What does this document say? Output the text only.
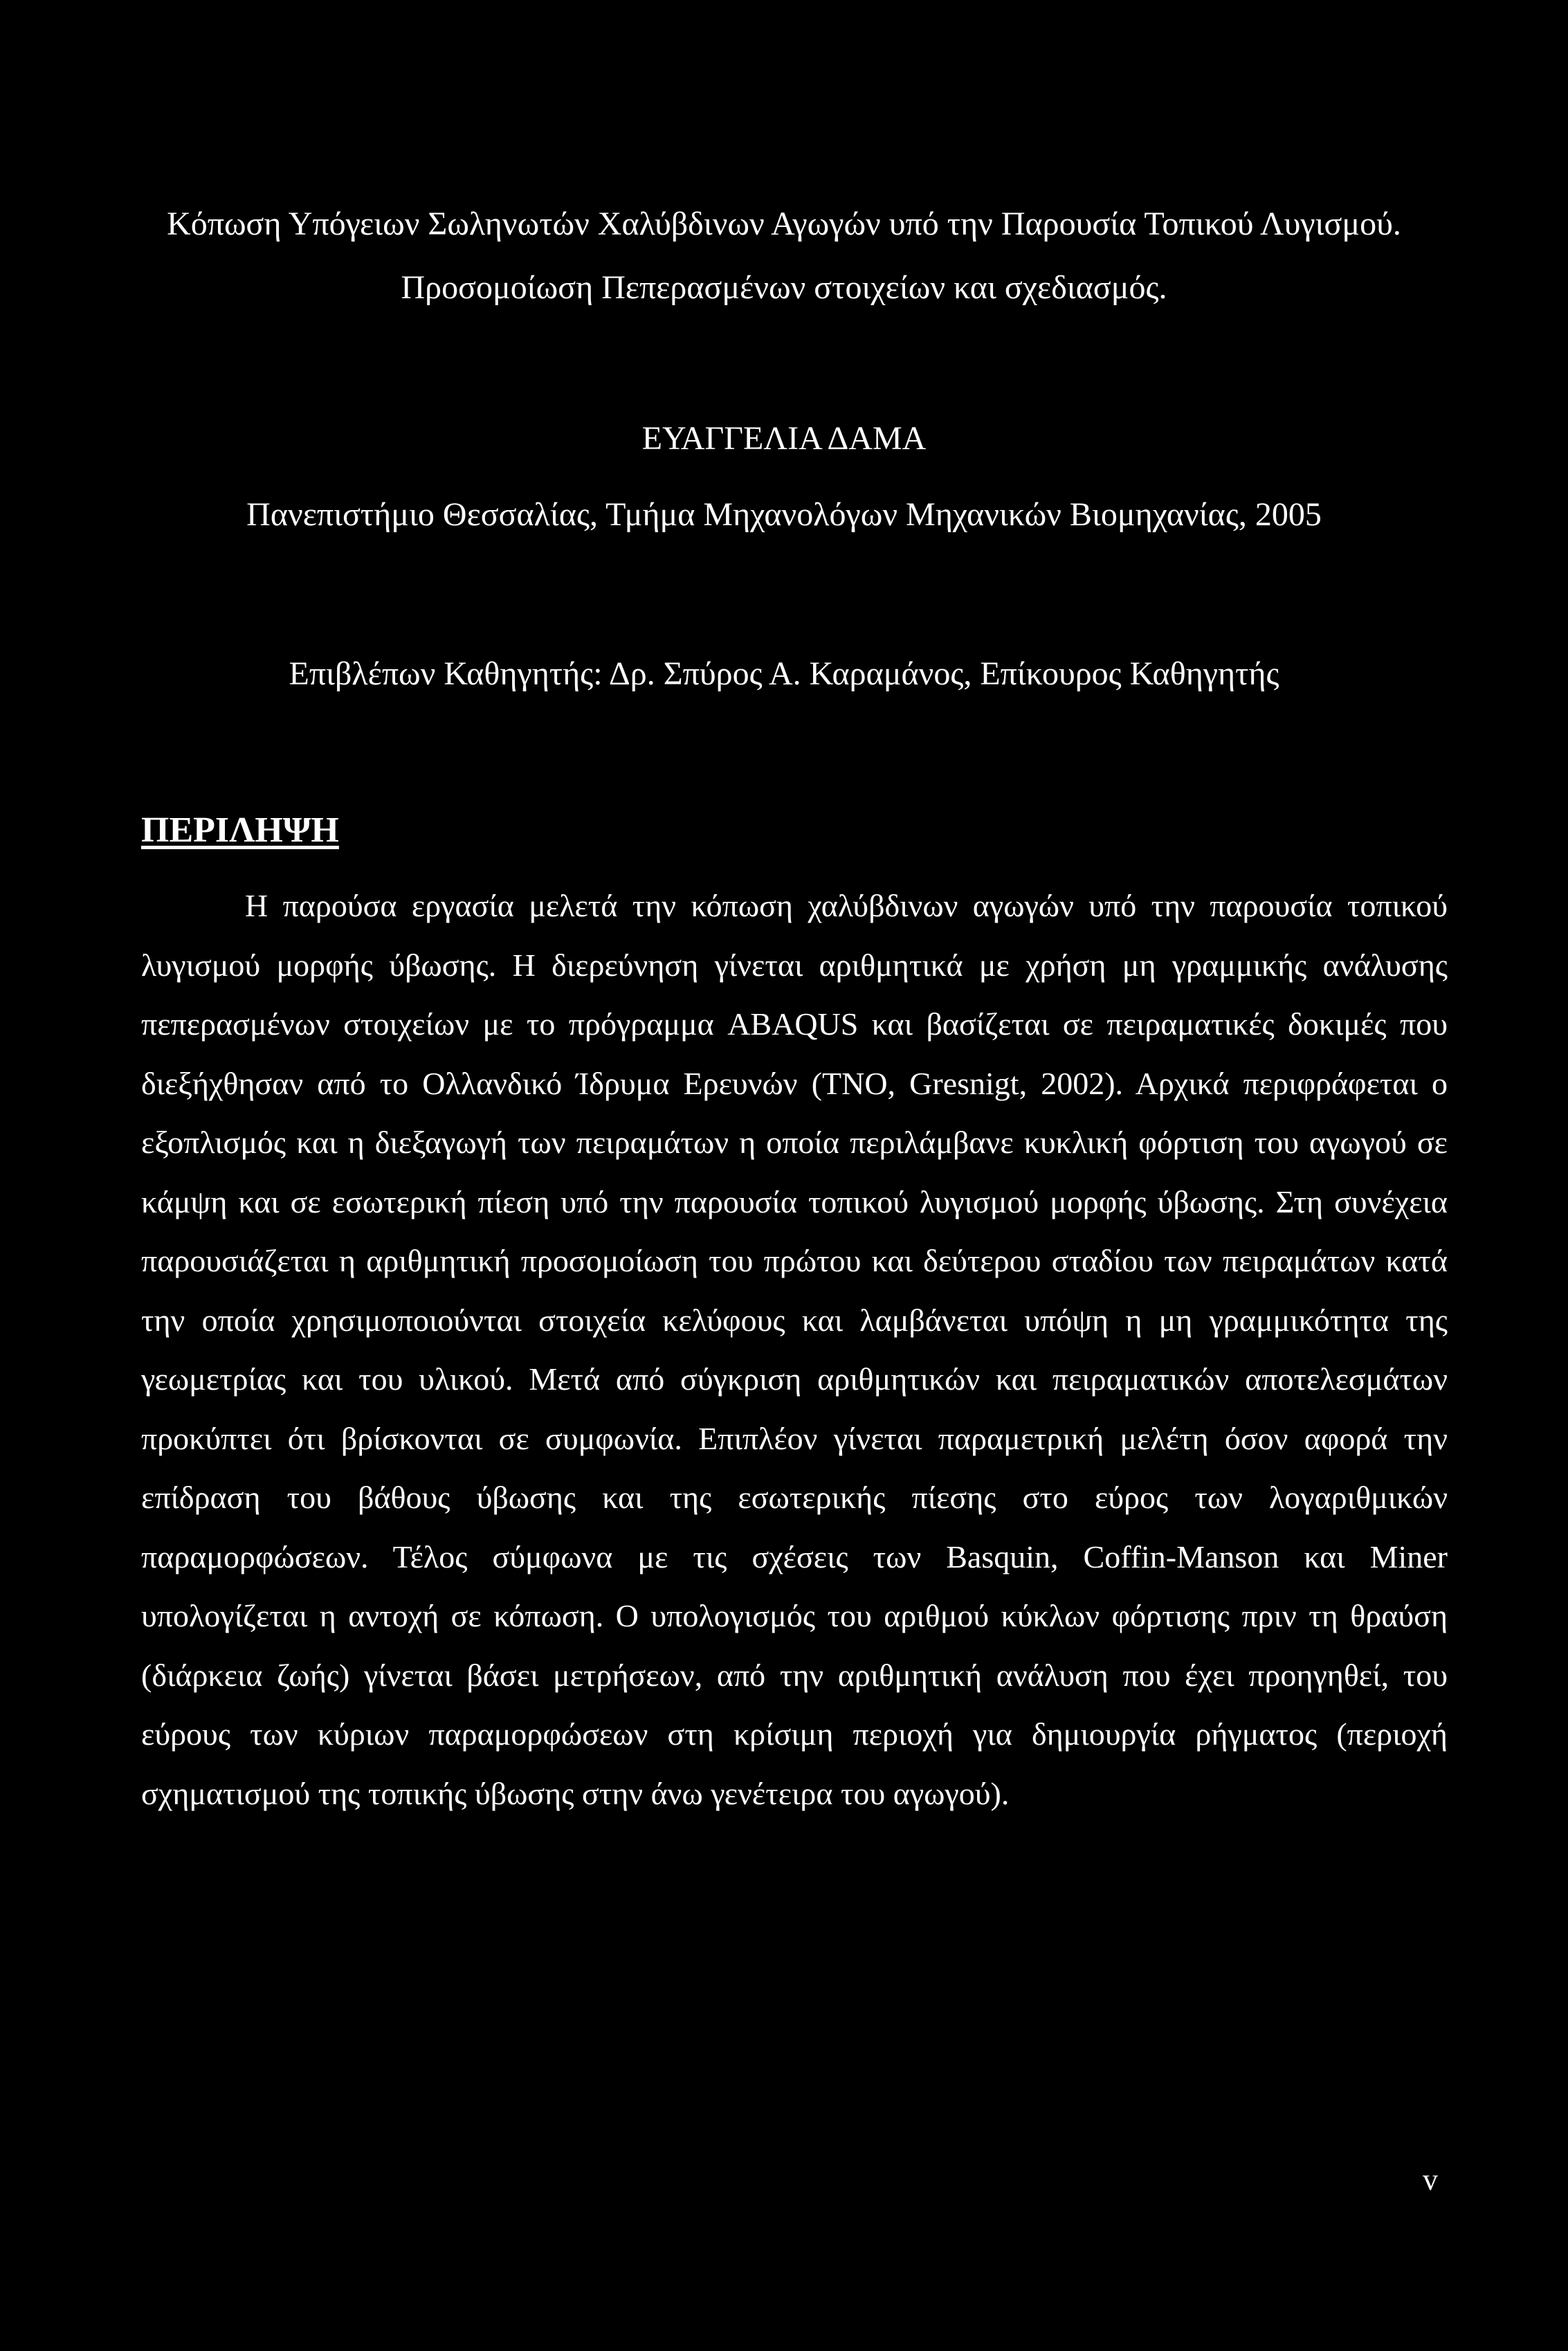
Κόπωση Υπόγειων Σωληνωτών Χαλύβδινων Αγωγών υπό την Παρουσία Τοπικού Λυγισμού.
Προσομοίωση Πεπερασμένων στοιχείων και σχεδιασμός.
ΕΥΑΓΓΕΛΙΑ ΔΑΜΑ
Πανεπιστήμιο Θεσσαλίας, Τμήμα Μηχανολόγων Μηχανικών Βιομηχανίας, 2005
Επιβλέπων Καθηγητής: Δρ. Σπύρος Α. Καραμάνος, Επίκουρος Καθηγητής
ΠΕΡΙΛΗΨΗ

Η παρούσα εργασία μελετά την κόπωση χαλύβδινων αγωγών υπό την παρουσία τοπικού λυγισμού μορφής ύβωσης. Η διερεύνηση γίνεται αριθμητικά με χρήση μη γραμμικής ανάλυσης πεπερασμένων στοιχείων με το πρόγραμμα ABAQUS και βασίζεται σε πειραματικές δοκιμές που διεξήχθησαν από το Ολλανδικό Ίδρυμα Ερευνών (TNO, Gresnigt, 2002). Αρχικά περιφράφεται ο εξοπλισμός και η διεξαγωγή των πειραμάτων η οποία περιλάμβανε κυκλική φόρτιση του αγωγού σε κάμψη και σε εσωτερική πίεση υπό την παρουσία τοπικού λυγισμού μορφής ύβωσης. Στη συνέχεια παρουσιάζεται η αριθμητική προσομοίωση του πρώτου και δεύτερου σταδίου των πειραμάτων κατά την οποία χρησιμοποιούνται στοιχεία κελύφους και λαμβάνεται υπόψη η μη γραμμικότητα της γεωμετρίας και του υλικού. Μετά από σύγκριση αριθμητικών και πειραματικών αποτελεσμάτων προκύπτει ότι βρίσκονται σε συμφωνία. Επιπλέον γίνεται παραμετρική μελέτη όσον αφορά την επίδραση του βάθους ύβωσης και της εσωτερικής πίεσης στο εύρος των λογαριθμικών παραμορφώσεων. Τέλος σύμφωνα με τις σχέσεις των Basquin, Coffin-Manson και Miner υπολογίζεται η αντοχή σε κόπωση. Ο υπολογισμός του αριθμού κύκλων φόρτισης πριν τη θραύση (διάρκεια ζωής) γίνεται βάσει μετρήσεων, από την αριθμητική ανάλυση που έχει προηγηθεί, του εύρους των κύριων παραμορφώσεων στη κρίσιμη περιοχή για δημιουργία ρήγματος (περιοχή σχηματισμού της τοπικής ύβωσης στην άνω γενέτειρα του αγωγού).

v
